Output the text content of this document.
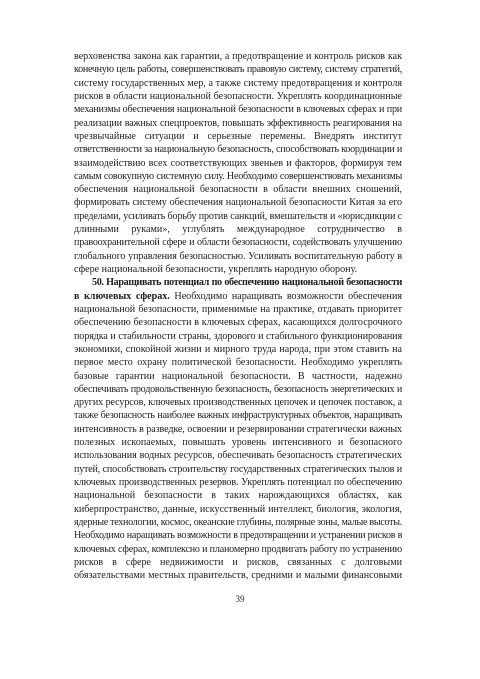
верховенства закона как гарантии, а предотвращение и контроль рисков как
конечную цель работы, совершенствовать правовую систему, систему стратегий,
систему государственных мер, а также систему предотвращения и контроля
рисков в области национальной безопасности. Укреплять координационные
механизмы обеспечения национальной безопасности в ключевых сферах и при
реализации важных спецпроектов, повышать эффективность реагирования на
чрезвычайные ситуации и серьезные перемены. Внедрять институт
ответственности за национальную безопасность, способствовать координации и
взаимодействию всех соответствующих звеньев и факторов, формируя тем
самым совокупную системную силу. Необходимо совершенствовать механизмы
обеспечения национальной безопасности в области внешних сношений,
формировать систему обеспечения национальной безопасности Китая за его
пределами, усиливать борьбу против санкций, вмешательств и «юрисдикции с
длинными руками», углублять международное сотрудничество в
правоохранительной сфере и области безопасности, содействовать улучшению
глобального управления безопасностью. Усиливать воспитательную работу в
сфере национальной безопасности, укреплять народную оборону.
50. Наращивать потенциал по обеспечению национальной безопасности
в ключевых сферах. Необходимо наращивать возможности обеспечения
национальной безопасности, применимые на практике, отдавать приоритет
обеспечению безопасности в ключевых сферах, касающихся долгосрочного
порядка и стабильности страны, здорового и стабильного функционирования
экономики, спокойной жизни и мирного труда народа, при этом ставить на
первое место охрану политической безопасности. Необходимо укреплять
базовые гарантии национальной безопасности. В частности, надежно
обеспечивать продовольственную безопасность, безопасность энергетических и
других ресурсов, ключевых производственных цепочек и цепочек поставок, а
также безопасность наиболее важных инфраструктурных объектов, наращивать
интенсивность в разведке, освоении и резервировании стратегически важных
полезных ископаемых, повышать уровень интенсивного и безопасного
использования водных ресурсов, обеспечивать безопасность стратегических
путей, способствовать строительству государственных стратегических тылов и
ключевых производственных резервов. Укреплять потенциал по обеспечению
национальной безопасности в таких нарождающихся областях, как
киберпространство, данные, искусственный интеллект, биология, экология,
ядерные технологии, космос, океанские глубины, полярные зоны, малые высоты.
Необходимо наращивать возможности в предотвращении и устранении рисков в
ключевых сферах, комплексно и планомерно продвигать работу по устранению
рисков в сфере недвижимости и рисков, связанных с долговыми
обязательствами местных правительств, средними и малыми финансовыми
39
